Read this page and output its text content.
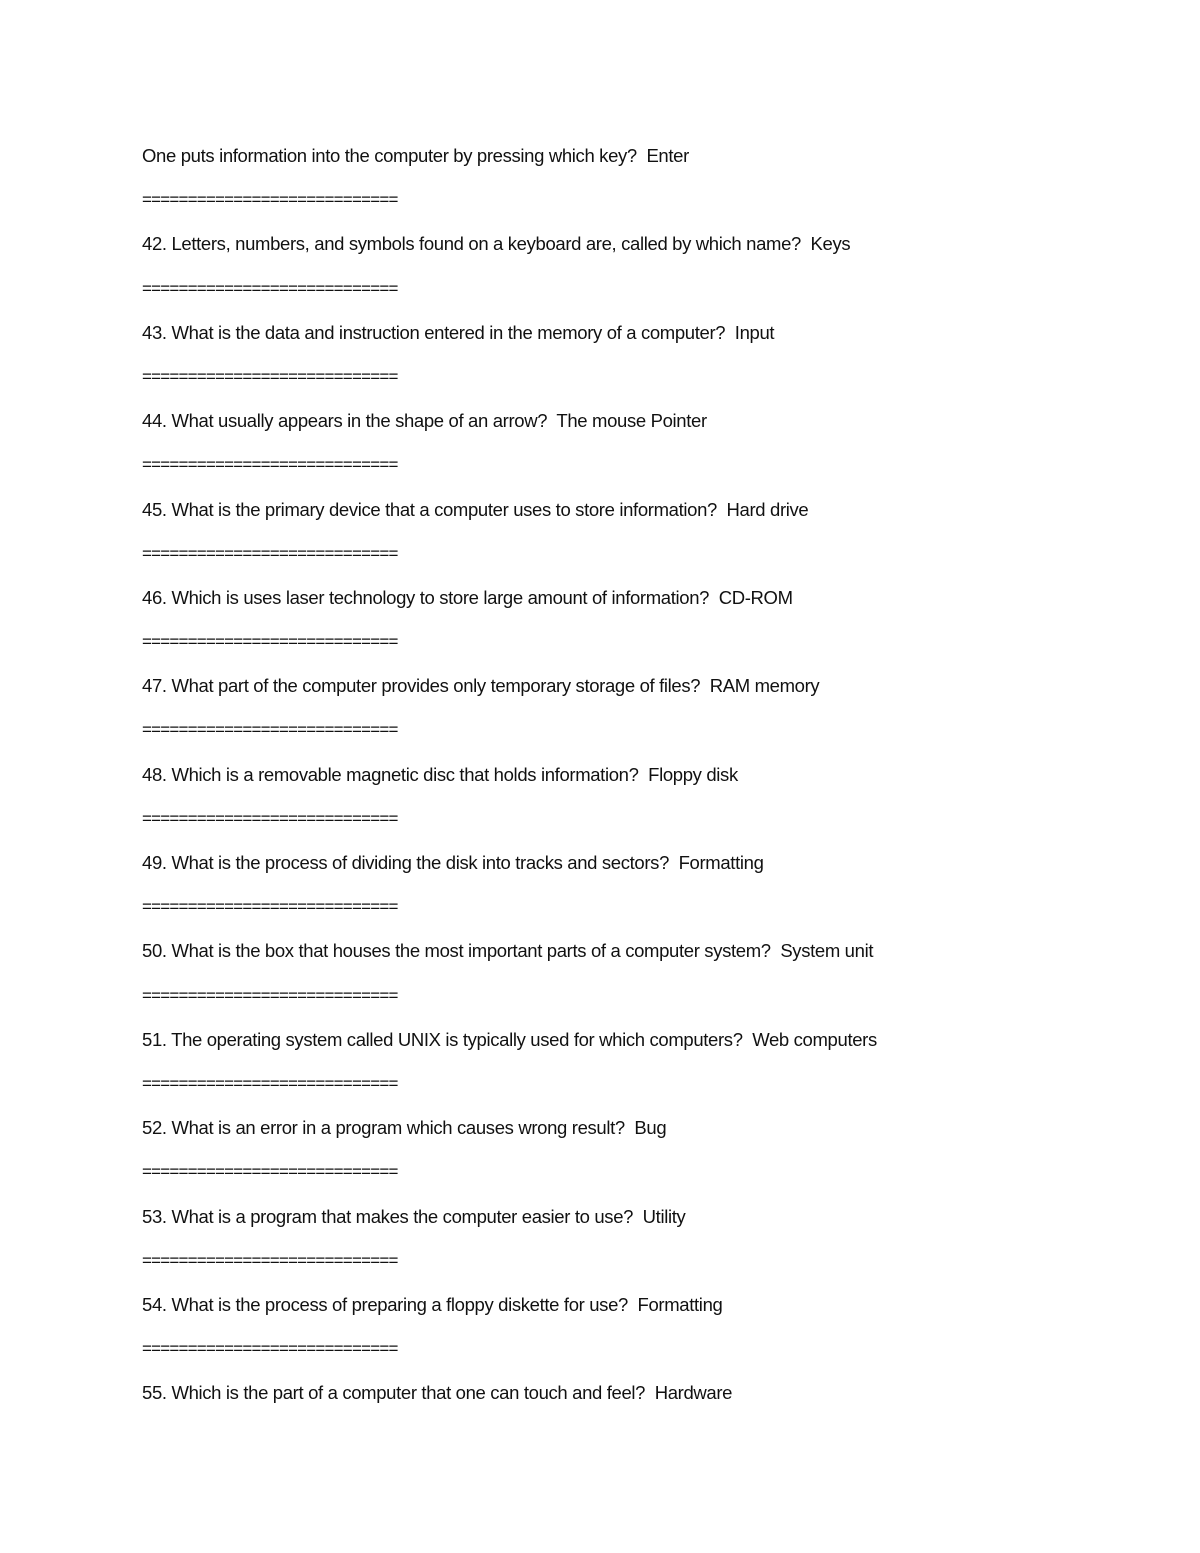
One puts information into the computer by pressing which key?  Enter
============================
42. Letters, numbers, and symbols found on a keyboard are, called by which name?  Keys
============================
43. What is the data and instruction entered in the memory of a computer?  Input
============================
44. What usually appears in the shape of an arrow?  The mouse Pointer
============================
45. What is the primary device that a computer uses to store information?  Hard drive
============================
46. Which is uses laser technology to store large amount of information?  CD-ROM
============================
47. What part of the computer provides only temporary storage of files?  RAM memory
============================
48. Which is a removable magnetic disc that holds information?  Floppy disk
============================
49. What is the process of dividing the disk into tracks and sectors?  Formatting
============================
50. What is the box that houses the most important parts of a computer system?  System unit
============================
51. The operating system called UNIX is typically used for which computers?  Web computers
============================
52. What is an error in a program which causes wrong result?  Bug
============================
53. What is a program that makes the computer easier to use?  Utility
============================
54. What is the process of preparing a floppy diskette for use?  Formatting
============================
55. Which is the part of a computer that one can touch and feel?  Hardware
